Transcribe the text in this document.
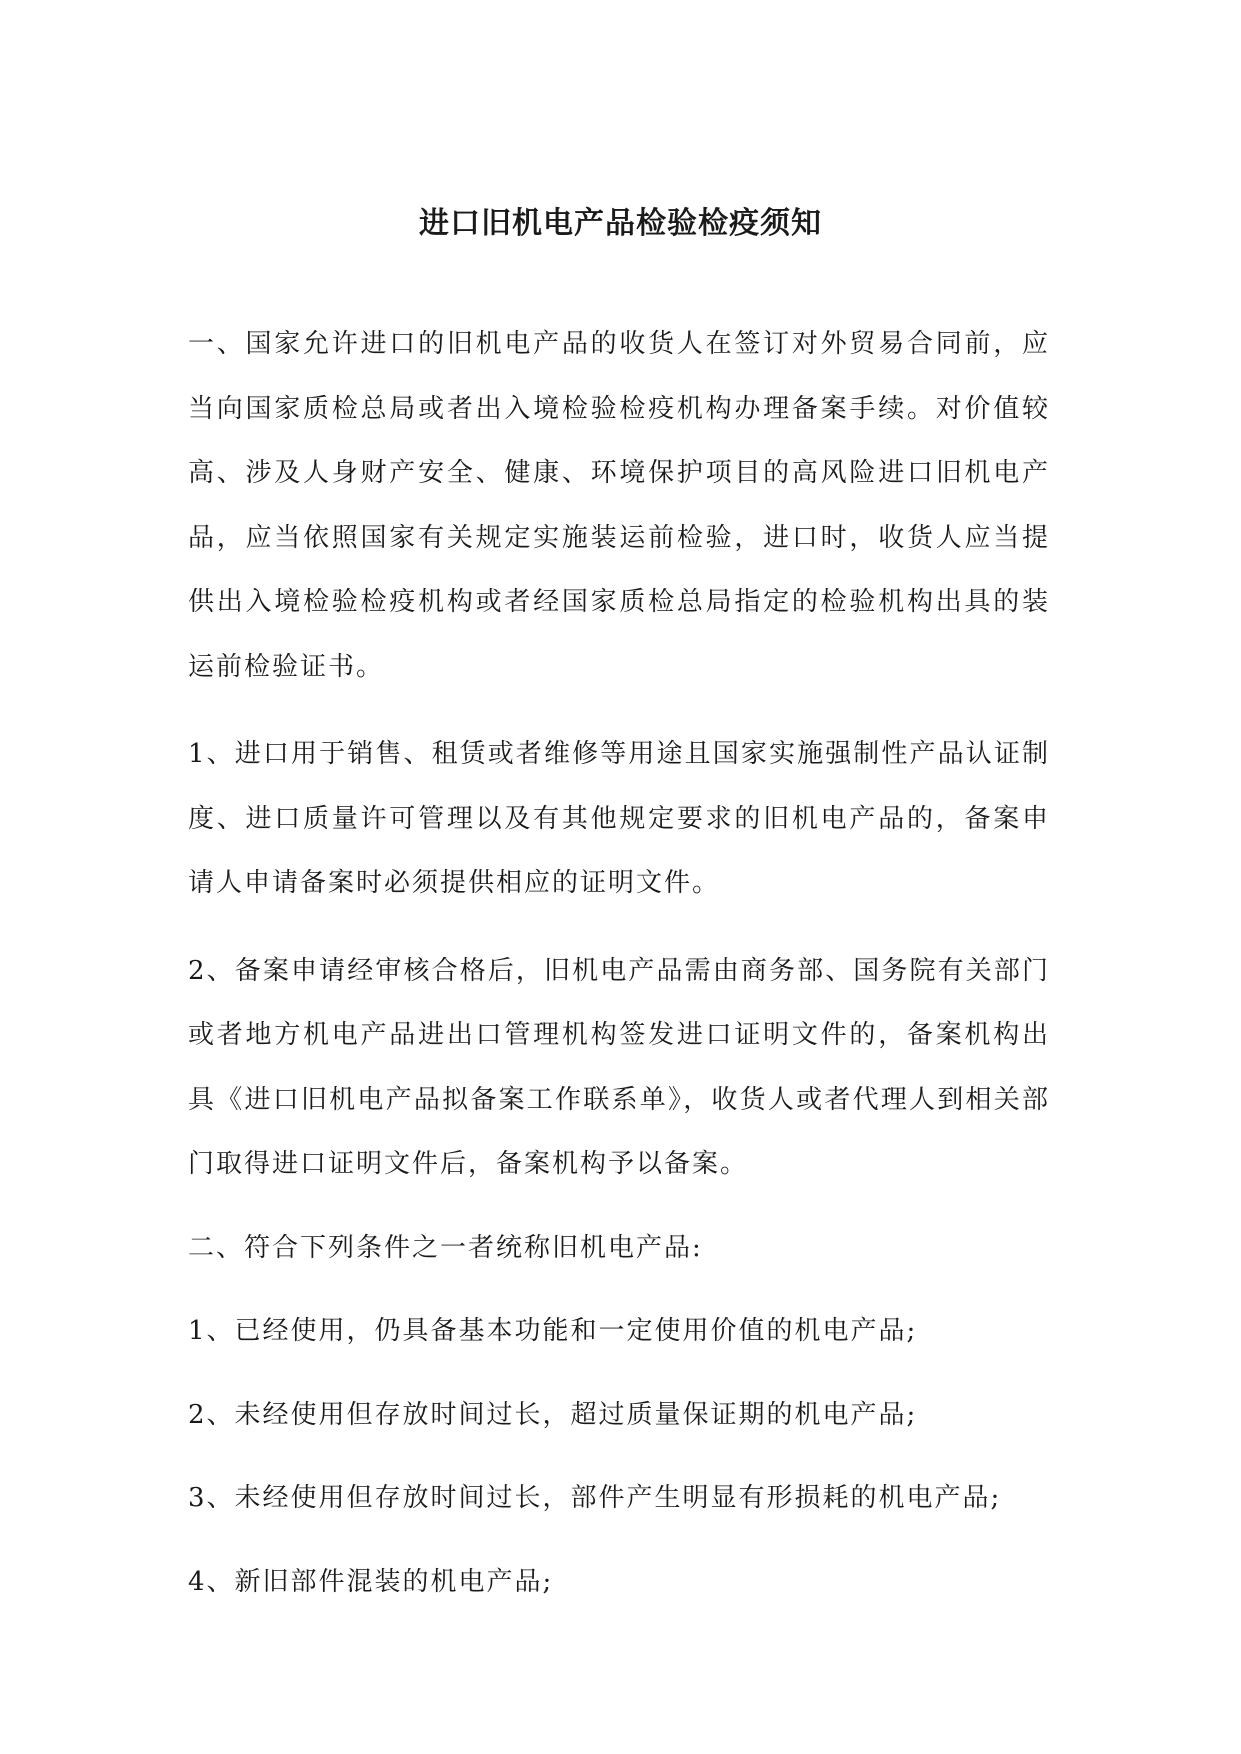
进口旧机电产品检验检疫须知

一、国家允许进口的旧机电产品的收货人在签订对外贸易合同前，应当向国家质检总局或者出入境检验检疫机构办理备案手续。对价值较高、涉及人身财产安全、健康、环境保护项目的高风险进口旧机电产品，应当依照国家有关规定实施装运前检验，进口时，收货人应当提供出入境检验检疫机构或者经国家质检总局指定的检验机构出具的装运前检验证书。

1、进口用于销售、租赁或者维修等用途且国家实施强制性产品认证制度、进口质量许可管理以及有其他规定要求的旧机电产品的，备案申请人申请备案时必须提供相应的证明文件。

2、备案申请经审核合格后，旧机电产品需由商务部、国务院有关部门或者地方机电产品进出口管理机构签发进口证明文件的，备案机构出具《进口旧机电产品拟备案工作联系单》，收货人或者代理人到相关部门取得进口证明文件后，备案机构予以备案。

二、符合下列条件之一者统称旧机电产品:

1、已经使用，仍具备基本功能和一定使用价值的机电产品;

2、未经使用但存放时间过长，超过质量保证期的机电产品;

3、未经使用但存放时间过长，部件产生明显有形损耗的机电产品;

4、新旧部件混装的机电产品;
